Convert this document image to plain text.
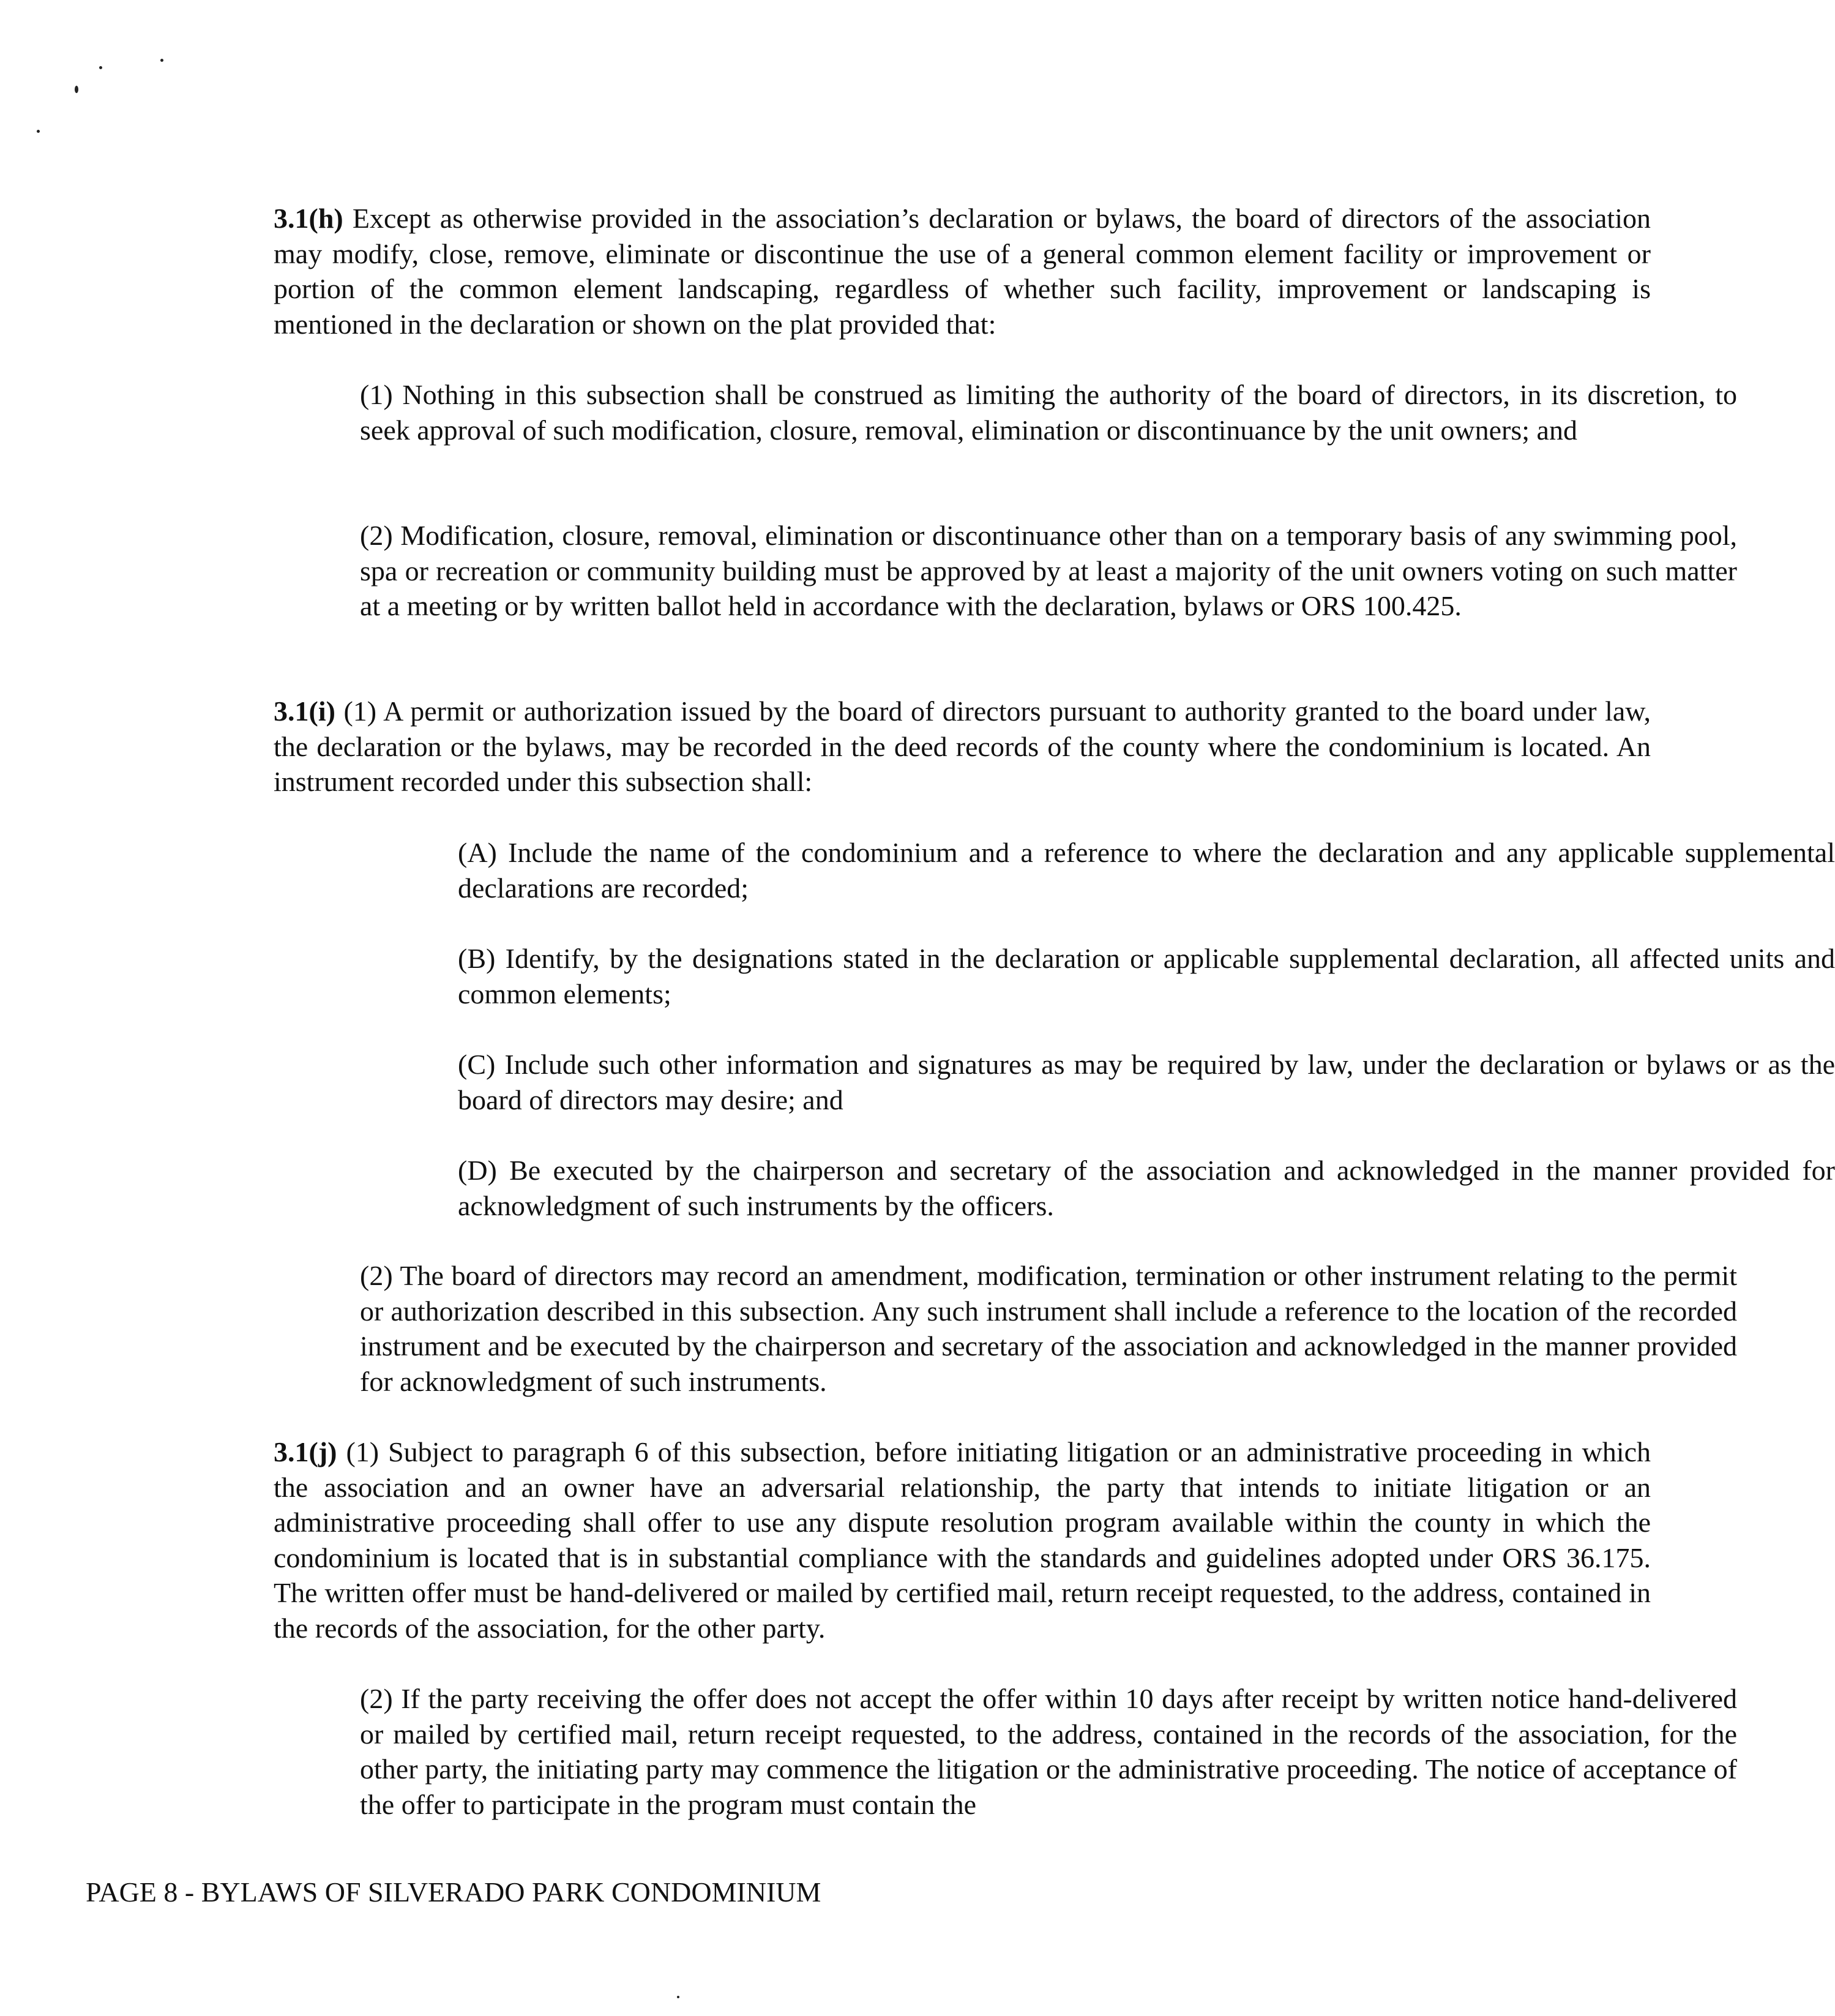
3.1(h) Except as otherwise provided in the association’s declaration or bylaws, the board of directors of the association may modify, close, remove, eliminate or discontinue the use of a general common element facility or improvement or portion of the common element landscaping, regardless of whether such facility, improvement or landscaping is mentioned in the declaration or shown on the plat provided that:

(1) Nothing in this subsection shall be construed as limiting the authority of the board of directors, in its discretion, to seek approval of such modification, closure, removal, elimination or discontinuance by the unit owners; and

(2) Modification, closure, removal, elimination or discontinuance other than on a temporary basis of any swimming pool, spa or recreation or community building must be approved by at least a majority of the unit owners voting on such matter at a meeting or by written ballot held in accordance with the declaration, bylaws or ORS 100.425.

3.1(i) (1) A permit or authorization issued by the board of directors pursuant to authority granted to the board under law, the declaration or the bylaws, may be recorded in the deed records of the county where the condominium is located. An instrument recorded under this subsection shall:

(A) Include the name of the condominium and a reference to where the declaration and any applicable supplemental declarations are recorded;

(B) Identify, by the designations stated in the declaration or applicable supplemental declaration, all affected units and common elements;

(C) Include such other information and signatures as may be required by law, under the declaration or bylaws or as the board of directors may desire; and

(D) Be executed by the chairperson and secretary of the association and acknowledged in the manner provided for acknowledgment of such instruments by the officers.

(2) The board of directors may record an amendment, modification, termination or other instrument relating to the permit or authorization described in this subsection. Any such instrument shall include a reference to the location of the recorded instrument and be executed by the chairperson and secretary of the association and acknowledged in the manner provided for acknowledgment of such instruments.

3.1(j) (1) Subject to paragraph 6 of this subsection, before initiating litigation or an administrative proceeding in which the association and an owner have an adversarial relationship, the party that intends to initiate litigation or an administrative proceeding shall offer to use any dispute resolution program available within the county in which the condominium is located that is in substantial compliance with the standards and guidelines adopted under ORS 36.175. The written offer must be hand-delivered or mailed by certified mail, return receipt requested, to the address, contained in the records of the association, for the other party.

(2) If the party receiving the offer does not accept the offer within 10 days after receipt by written notice hand-delivered or mailed by certified mail, return receipt requested, to the address, contained in the records of the association, for the other party, the initiating party may commence the litigation or the administrative proceeding. The notice of acceptance of the offer to participate in the program must contain the

PAGE 8 - BYLAWS OF SILVERADO PARK CONDOMINIUM
